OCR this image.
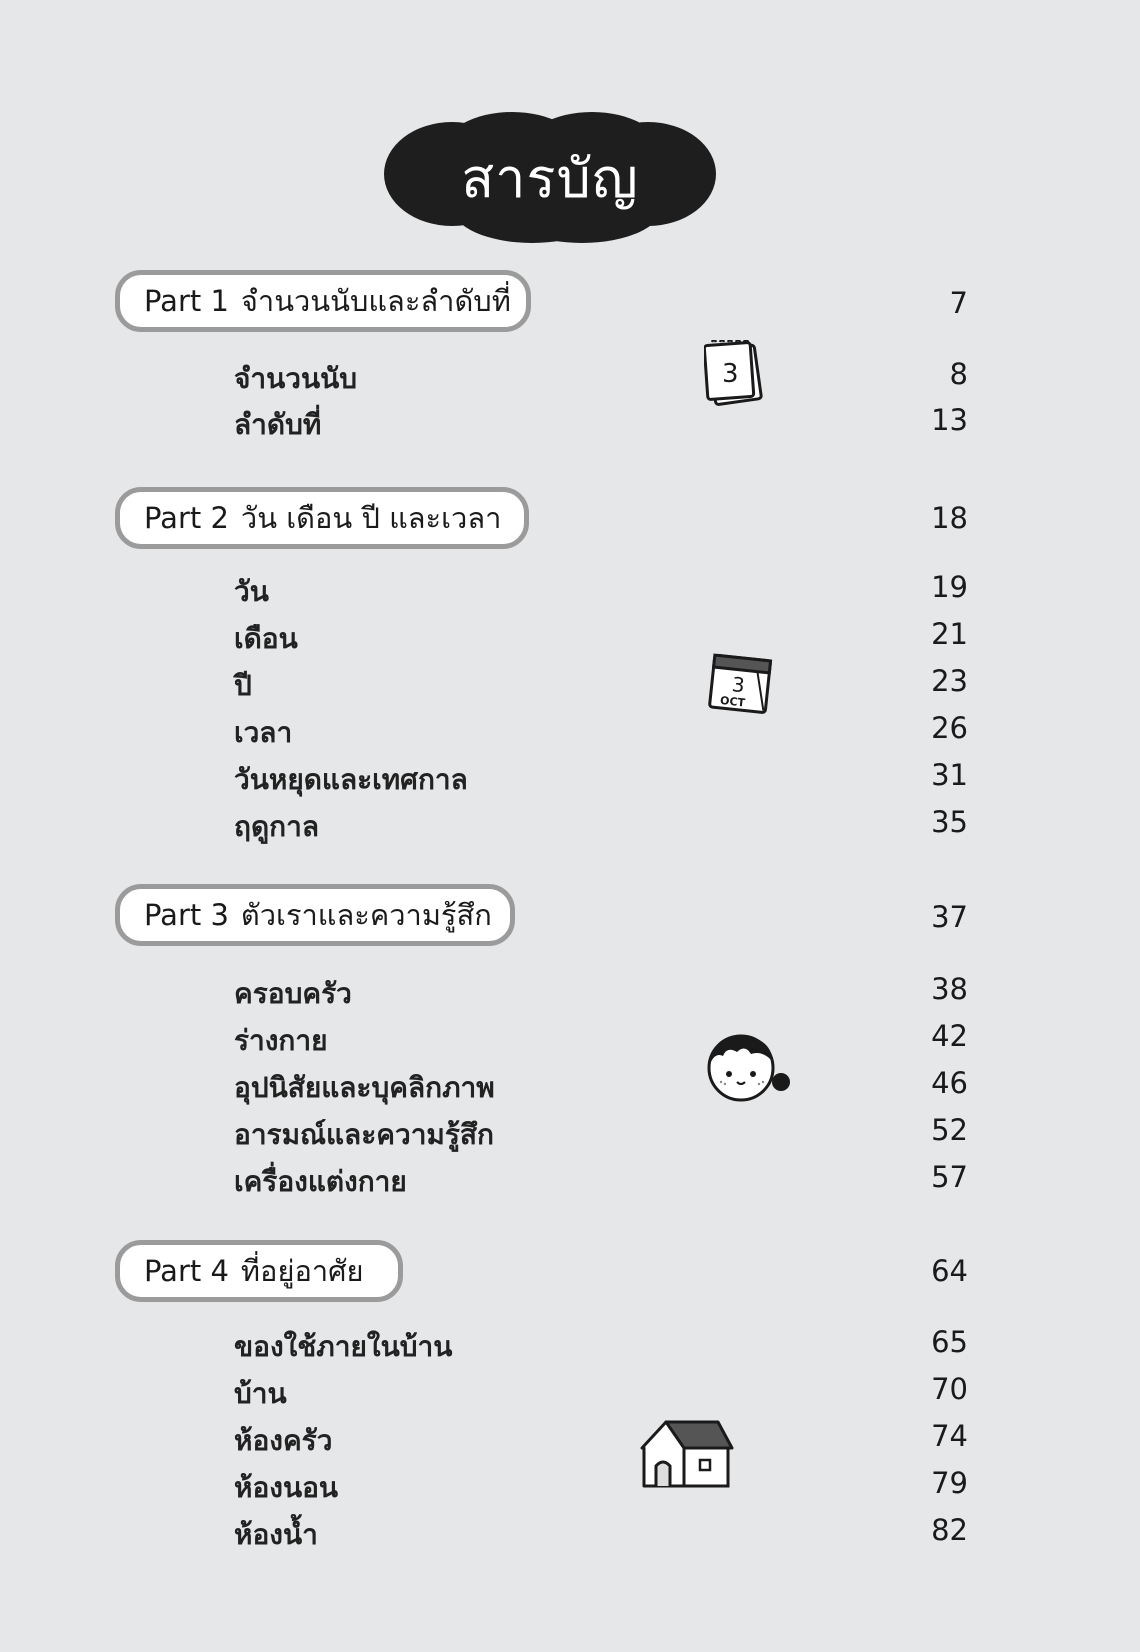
สารบัญ
Part 1 จำนวนนับและลำดับที่	7
จำนวนนับ	8
ลำดับที่	13
3
Part 2 วัน เดือน ปี และเวลา	18
วัน	19
เดือน	21
ปี	23
เวลา	26
วันหยุดและเทศกาล	31
ฤดูกาล	35
3
OCT
Part 3 ตัวเราและความรู้สึก	37
ครอบครัว	38
ร่างกาย	42
อุปนิสัยและบุคลิกภาพ	46
อารมณ์และความรู้สึก	52
เครื่องแต่งกาย	57
Part 4 ที่อยู่อาศัย	64
ของใช้ภายในบ้าน	65
บ้าน	70
ห้องครัว	74
ห้องนอน	79
ห้องน้ำ	82
